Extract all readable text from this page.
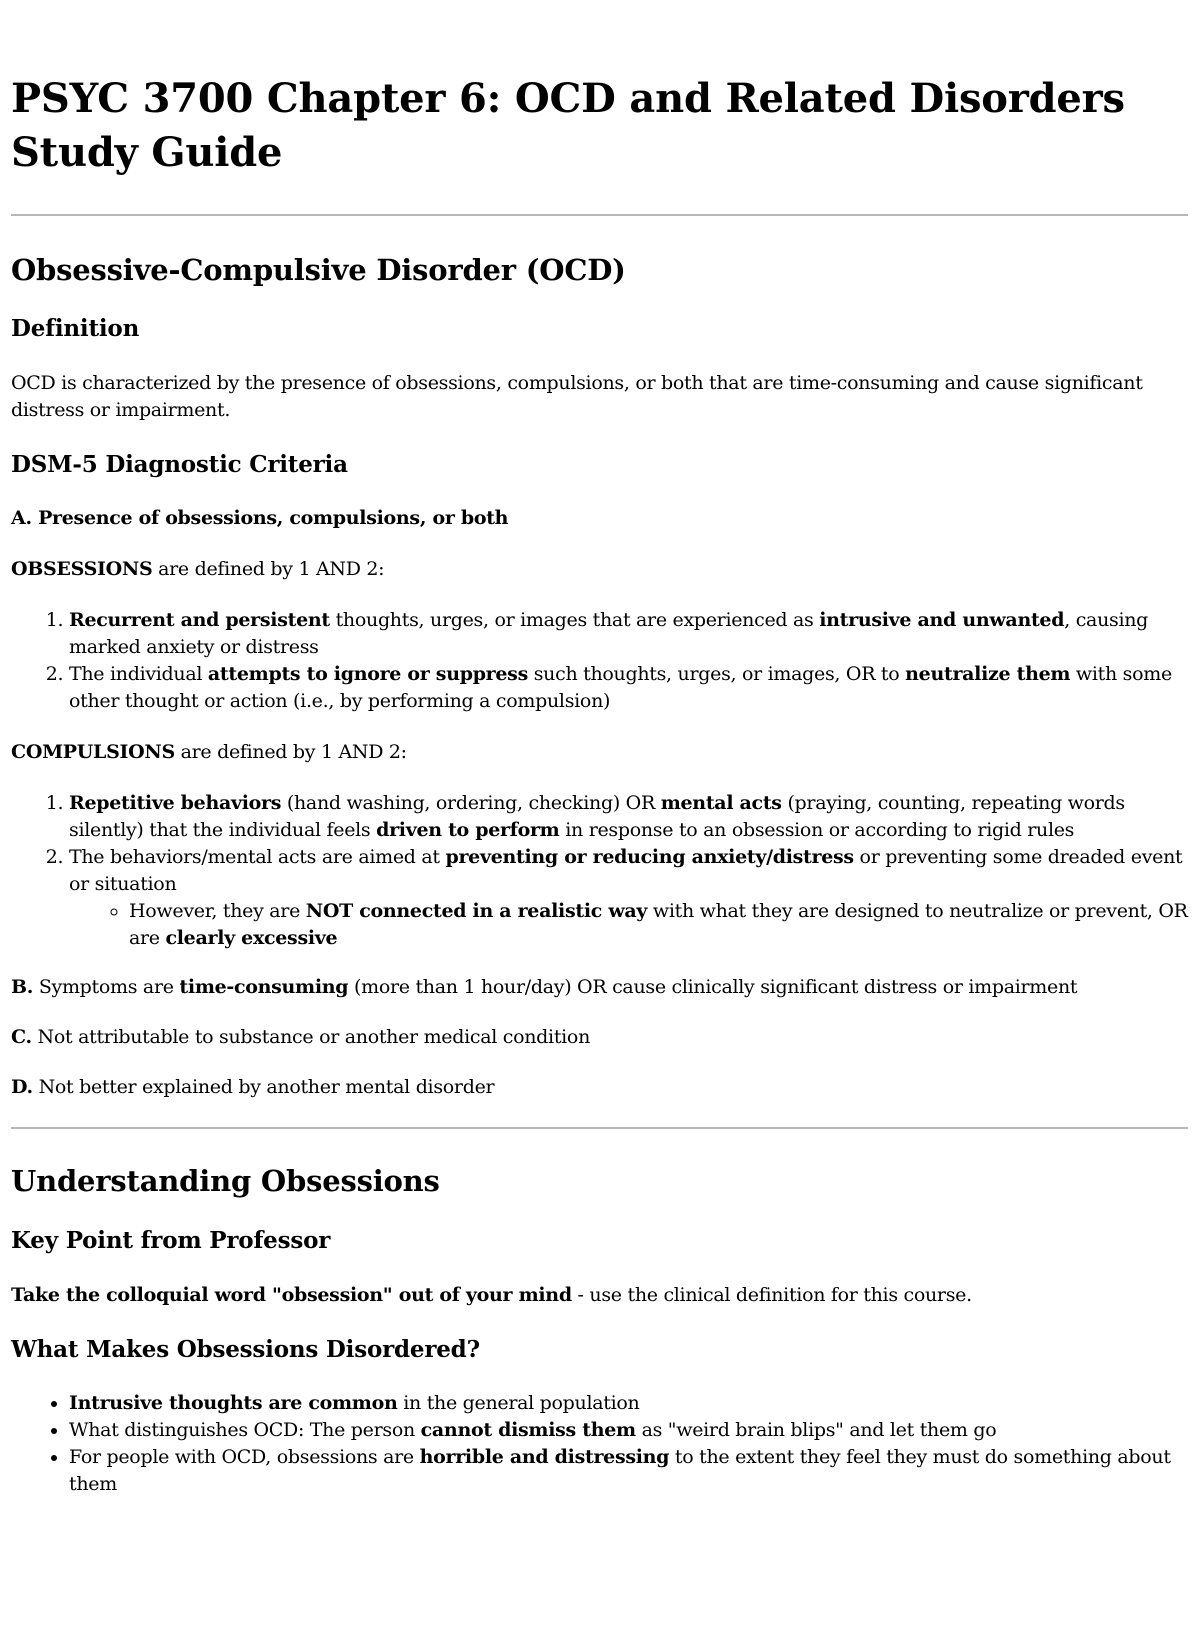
PSYC 3700 Chapter 6: OCD and Related Disorders Study Guide
Obsessive-Compulsive Disorder (OCD)
Definition

OCD is characterized by the presence of obsessions, compulsions, or both that are time-consuming and cause significant distress or impairment.

DSM-5 Diagnostic Criteria

A. Presence of obsessions, compulsions, or both

OBSESSIONS are defined by 1 AND 2:

1. Recurrent and persistent thoughts, urges, or images that are experienced as intrusive and unwanted, causing marked anxiety or distress
2. The individual attempts to ignore or suppress such thoughts, urges, or images, OR to neutralize them with some other thought or action (i.e., by performing a compulsion)

COMPULSIONS are defined by 1 AND 2:

1. Repetitive behaviors (hand washing, ordering, checking) OR mental acts (praying, counting, repeating words silently) that the individual feels driven to perform in response to an obsession or according to rigid rules
2. The behaviors/mental acts are aimed at preventing or reducing anxiety/distress or preventing some dreaded event or situation
◦ However, they are NOT connected in a realistic way with what they are designed to neutralize or prevent, OR are clearly excessive

B. Symptoms are time-consuming (more than 1 hour/day) OR cause clinically significant distress or impairment

C. Not attributable to substance or another medical condition

D. Not better explained by another mental disorder

Understanding Obsessions
Key Point from Professor

Take the colloquial word "obsession" out of your mind - use the clinical definition for this course.

What Makes Obsessions Disordered?
• Intrusive thoughts are common in the general population
• What distinguishes OCD: The person cannot dismiss them as "weird brain blips" and let them go
• For people with OCD, obsessions are horrible and distressing to the extent they feel they must do something about them
